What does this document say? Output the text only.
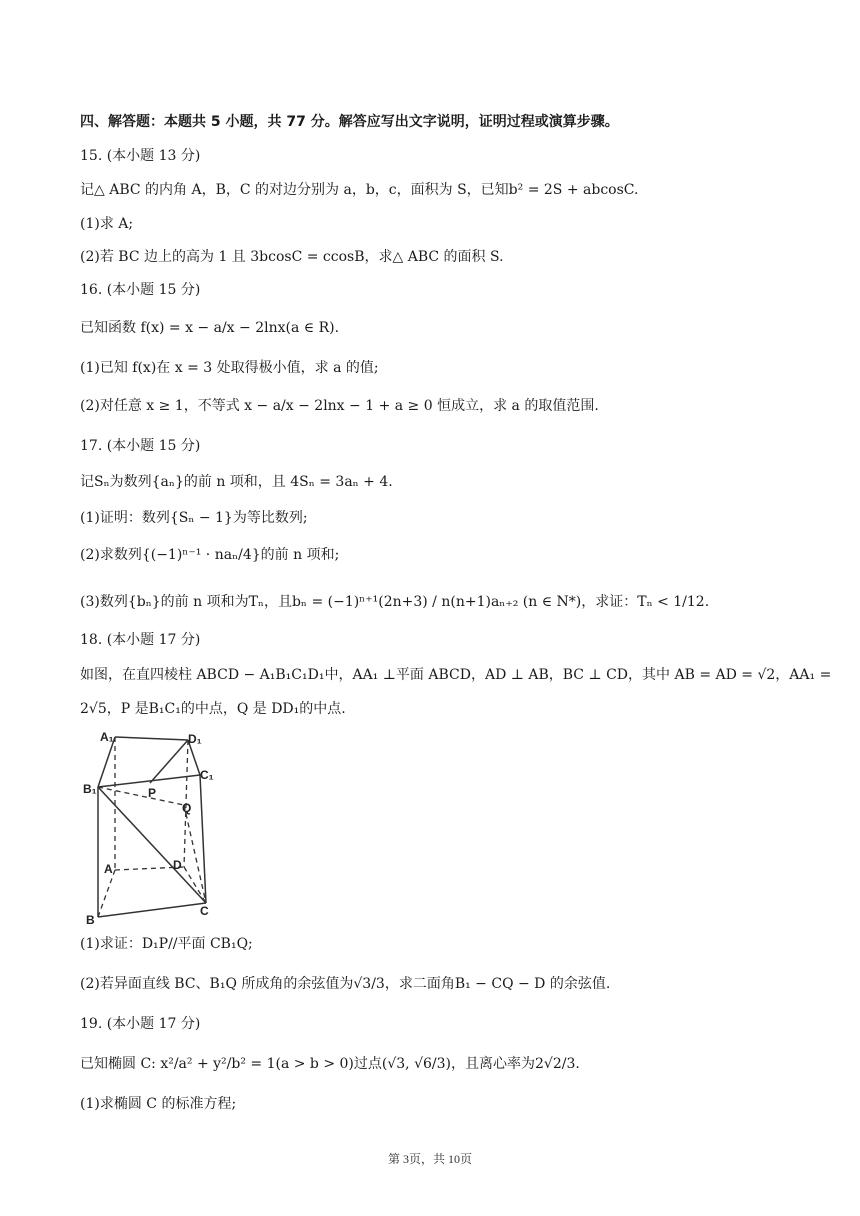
四、解答题：本题共 5 小题，共 77 分。解答应写出文字说明，证明过程或演算步骤。
15. (本小题 13 分)
记△ ABC 的内角 A，B，C 的对边分别为 a，b，c，面积为 S，已知b² = 2S + abcosC.
(1)求 A;
(2)若 BC 边上的高为 1 且 3bcosC = ccosB，求△ ABC 的面积 S.
16. (本小题 15 分)
已知函数 f(x) = x − a/x − 2lnx(a ∈ R).
(1)已知 f(x)在 x = 3 处取得极小值，求 a 的值;
(2)对任意 x ≥ 1，不等式 x − a/x − 2lnx − 1 + a ≥ 0 恒成立，求 a 的取值范围.
17. (本小题 15 分)
记Sₙ为数列{aₙ}的前 n 项和，且 4Sₙ = 3aₙ + 4.
(1)证明：数列{Sₙ − 1}为等比数列;
(2)求数列{(−1)ⁿ⁻¹ · naₙ/4}的前 n 项和;
(3)数列{bₙ}的前 n 项和为Tₙ，且bₙ = (−1)ⁿ⁺¹(2n+3) / n(n+1)aₙ₊₂ (n ∈ N*)，求证：Tₙ < 1/12.
18. (本小题 17 分)
如图，在直四棱柱 ABCD − A₁B₁C₁D₁中，AA₁ ⊥平面 ABCD，AD ⊥ AB，BC ⊥ CD，其中 AB = AD = √2，AA₁ =
2√5，P 是B₁C₁的中点，Q 是 DD₁的中点.
A₁	D₁
C₁
B₁	P
Q
D
A
B
C
(1)求证：D₁P//平面 CB₁Q;
(2)若异面直线 BC、B₁Q 所成角的余弦值为√3/3，求二面角B₁ − CQ − D 的余弦值.
19. (本小题 17 分)
已知椭圆 C: x²/a² + y²/b² = 1(a > b > 0)过点(√3, √6/3)，且离心率为2√2/3.
(1)求椭圆 C 的标准方程;
第 3页，共 10页
